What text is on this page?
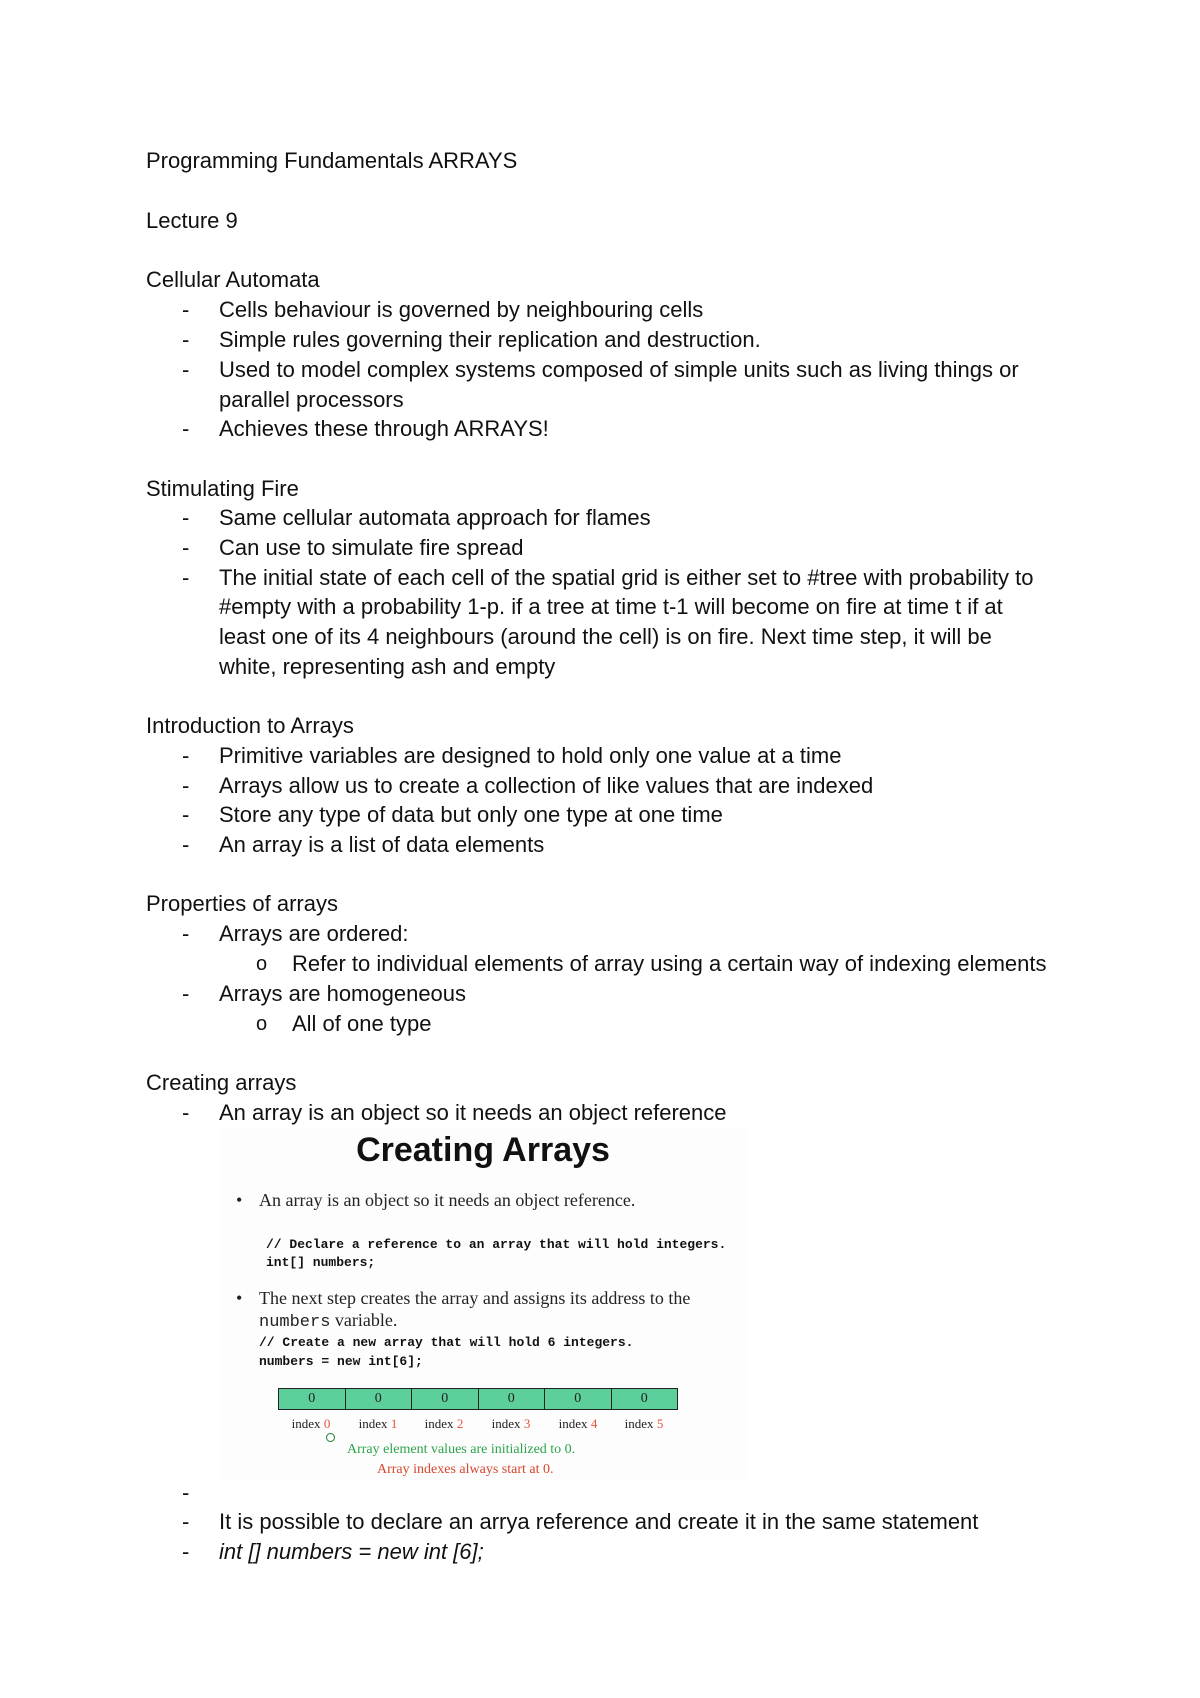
Programming Fundamentals ARRAYS
Lecture 9
Cellular Automata
-	Cells behaviour is governed by neighbouring cells
-	Simple rules governing their replication and destruction.
-	Used to model complex systems composed of simple units such as living things or
parallel processors
-	Achieves these through ARRAYS!
Stimulating Fire
-	Same cellular automata approach for flames
-	Can use to simulate fire spread
-	The initial state of each cell of the spatial grid is either set to #tree with probability to
#empty with a probability 1-p. if a tree at time t-1 will become on fire at time t if at
least one of its 4 neighbours (around the cell) is on fire. Next time step, it will be
white, representing ash and empty
Introduction to Arrays
-	Primitive variables are designed to hold only one value at a time
-	Arrays allow us to create a collection of like values that are indexed
-	Store any type of data but only one type at one time
-	An array is a list of data elements
Properties of arrays
-	Arrays are ordered:
o Refer to individual elements of array using a certain way of indexing elements
-	Arrays are homogeneous
o All of one type
Creating arrays
-	An array is an object so it needs an object reference
Creating Arrays
• An array is an object so it needs an object reference.
// Declare a reference to an array that will hold integers.
int[] numbers;
• The next step creates the array and assigns its address to the
numbers variable.
// Create a new array that will hold 6 integers.
numbers = new int[6];
0	0	0	0	0	0
index 0	index 1	index 2	index 3	index 4	index 5
Array element values are initialized to 0.
Array indexes always start at 0.
-
-	It is possible to declare an arrya reference and create it in the same statement
-	int [] numbers = new int [6];
